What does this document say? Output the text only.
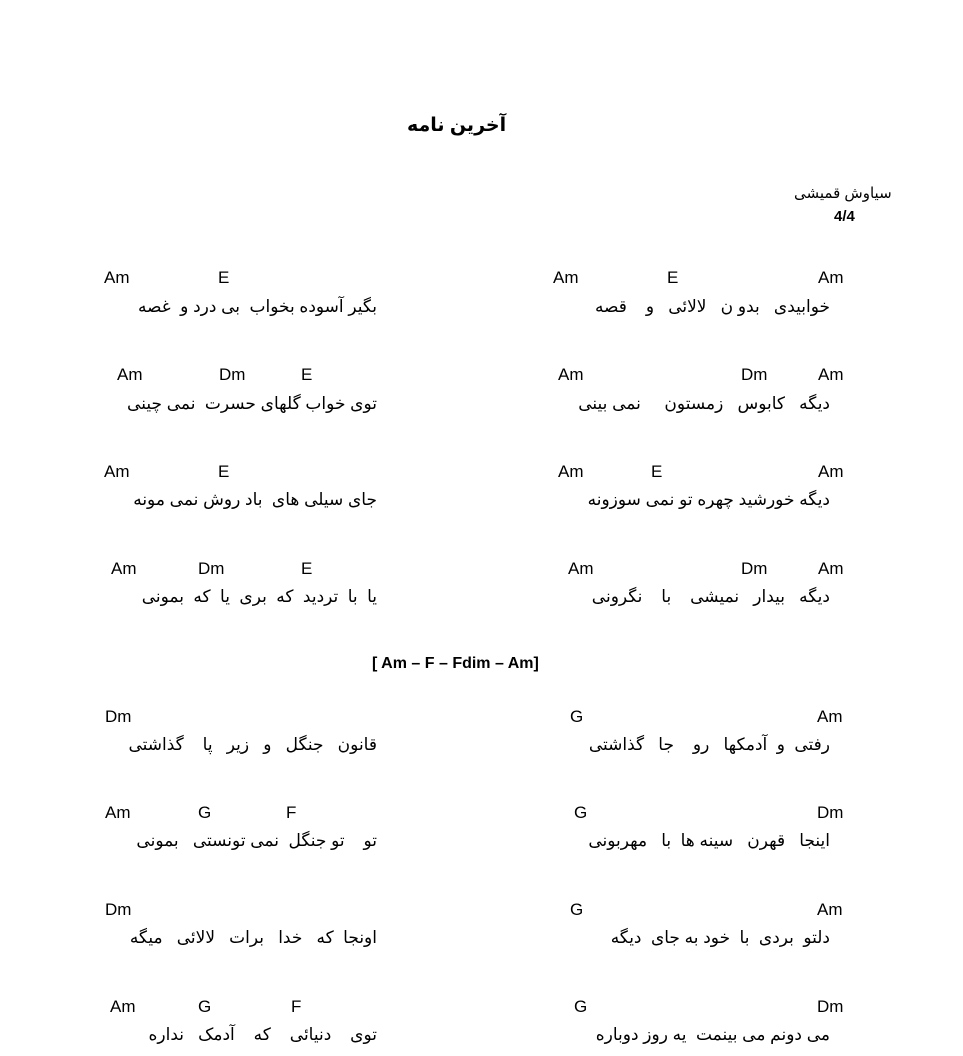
آخرین نامه
سیاوش قمیشی
4/4
[ Am – F – Fdim – Am]
Am	E	Am
خوابیدی   بدو ن   لالائی   و    قصه
Am	E
بگیر آسوده بخواب  بی درد و  غصه
Am	Dm	Am
دیگه   کابوس   زمستون     نمی بینی
Am	Dm	E
توی خواب گلهای حسرت  نمی چینی
Am	E	Am
دیگه خورشید چهره تو نمی سوزونه
Am	E
جای سیلی های  باد روش نمی مونه
Am	Dm	Am
دیگه   بیدار   نمیشی    با    نگرونی
Am	Dm	E
یا  با  تردید  که  بری  یا  که  بمونی
G	Am
رفتی  و  آدمکها   رو    جا   گذاشتی
Dm
قانون   جنگل   و   زیر   پا    گذاشتی
G	Dm
اینجا   قهرن   سینه ها  با   مهربونی
Am	G	F
تو    تو جنگل  نمی تونستی   بمونی
G	Am
دلتو  بردی  با  خود به جای  دیگه
Dm
اونجا  که   خدا   برات   لالائی   میگه
G	Dm
می دونم می بینمت  یه روز دوباره
Am	G	F
توی    دنیائی    که    آدمک   نداره
